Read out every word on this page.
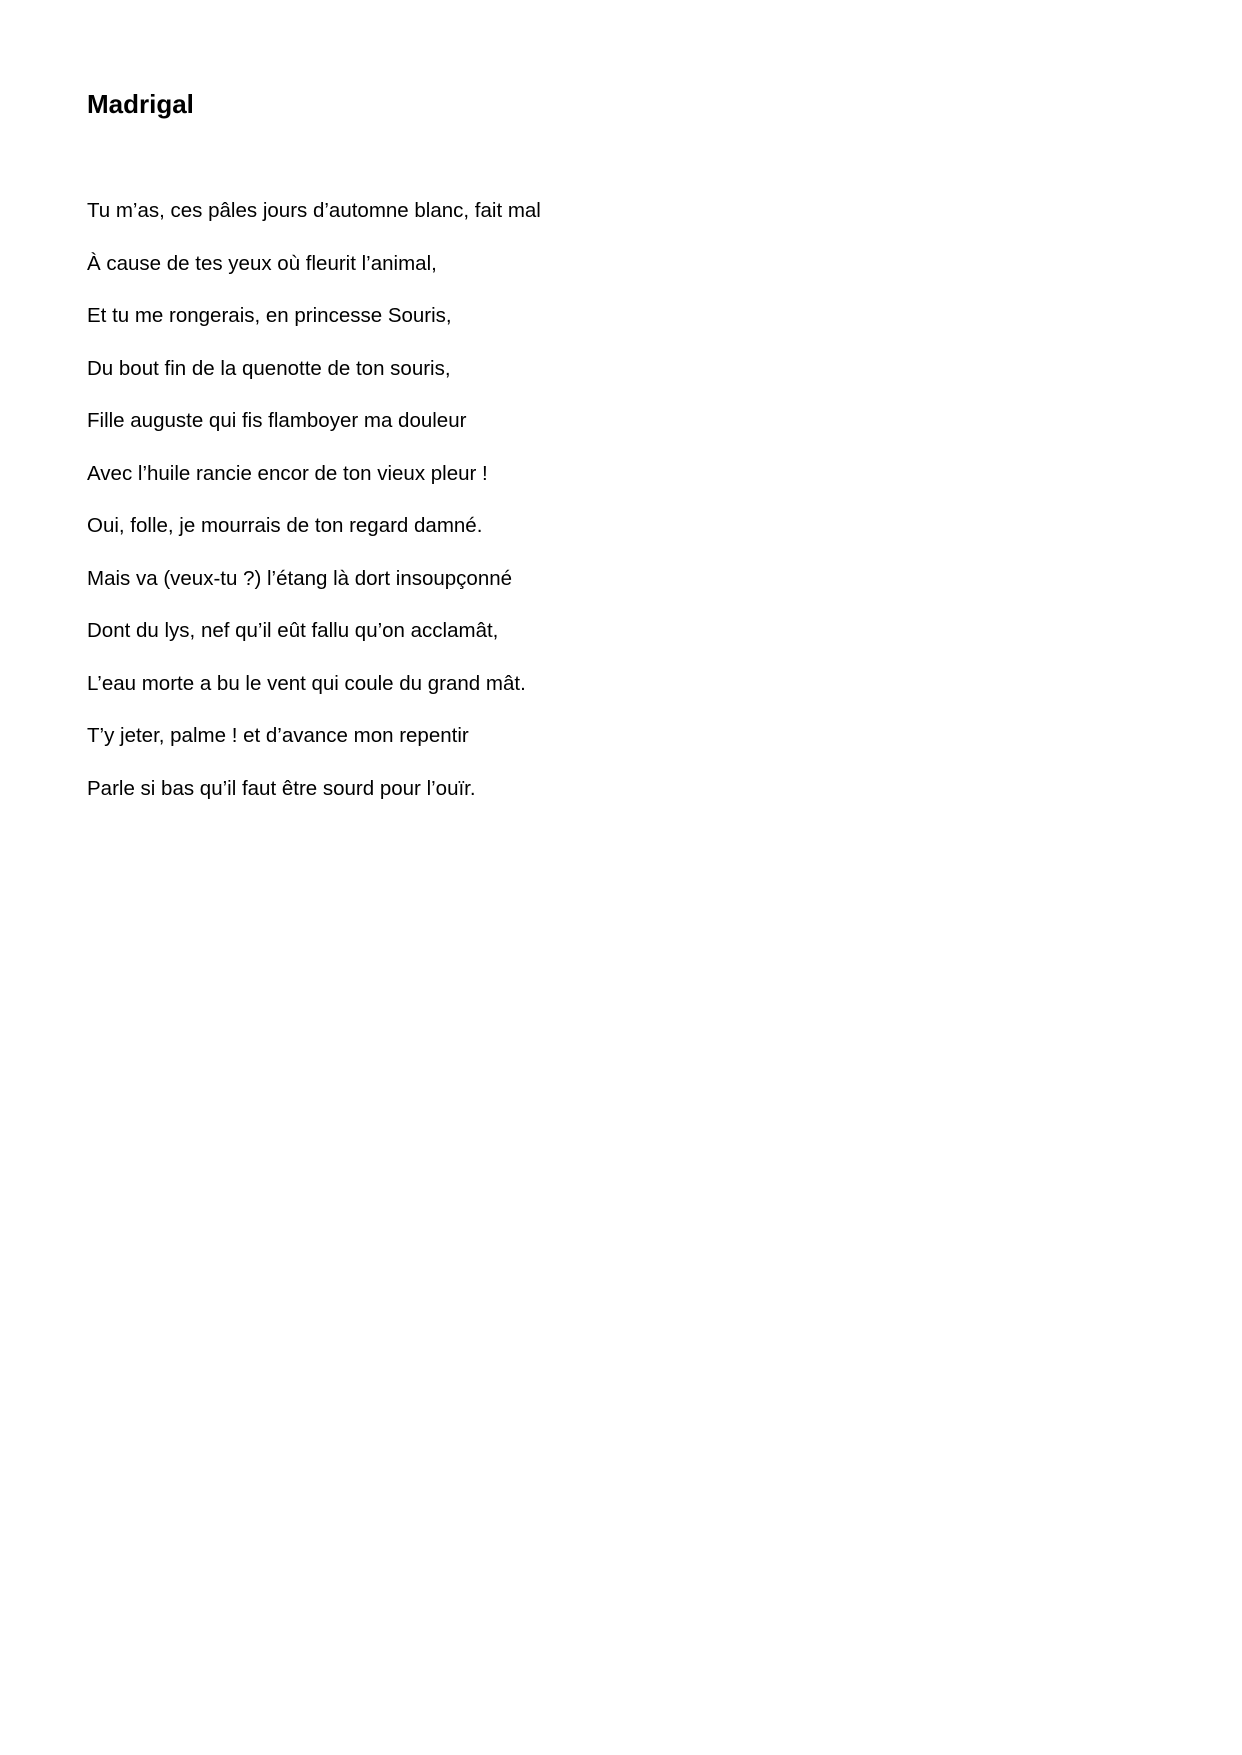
Madrigal
Tu m’as, ces pâles jours d’automne blanc, fait mal
À cause de tes yeux où fleurit l’animal,
Et tu me rongerais, en princesse Souris,
Du bout fin de la quenotte de ton souris,
Fille auguste qui fis flamboyer ma douleur
Avec l’huile rancie encor de ton vieux pleur !
Oui, folle, je mourrais de ton regard damné.
Mais va (veux-tu ?) l’étang là dort insoupçonné
Dont du lys, nef qu’il eût fallu qu’on acclamât,
L’eau morte a bu le vent qui coule du grand mât.
T’y jeter, palme ! et d’avance mon repentir
Parle si bas qu’il faut être sourd pour l’ouïr.
